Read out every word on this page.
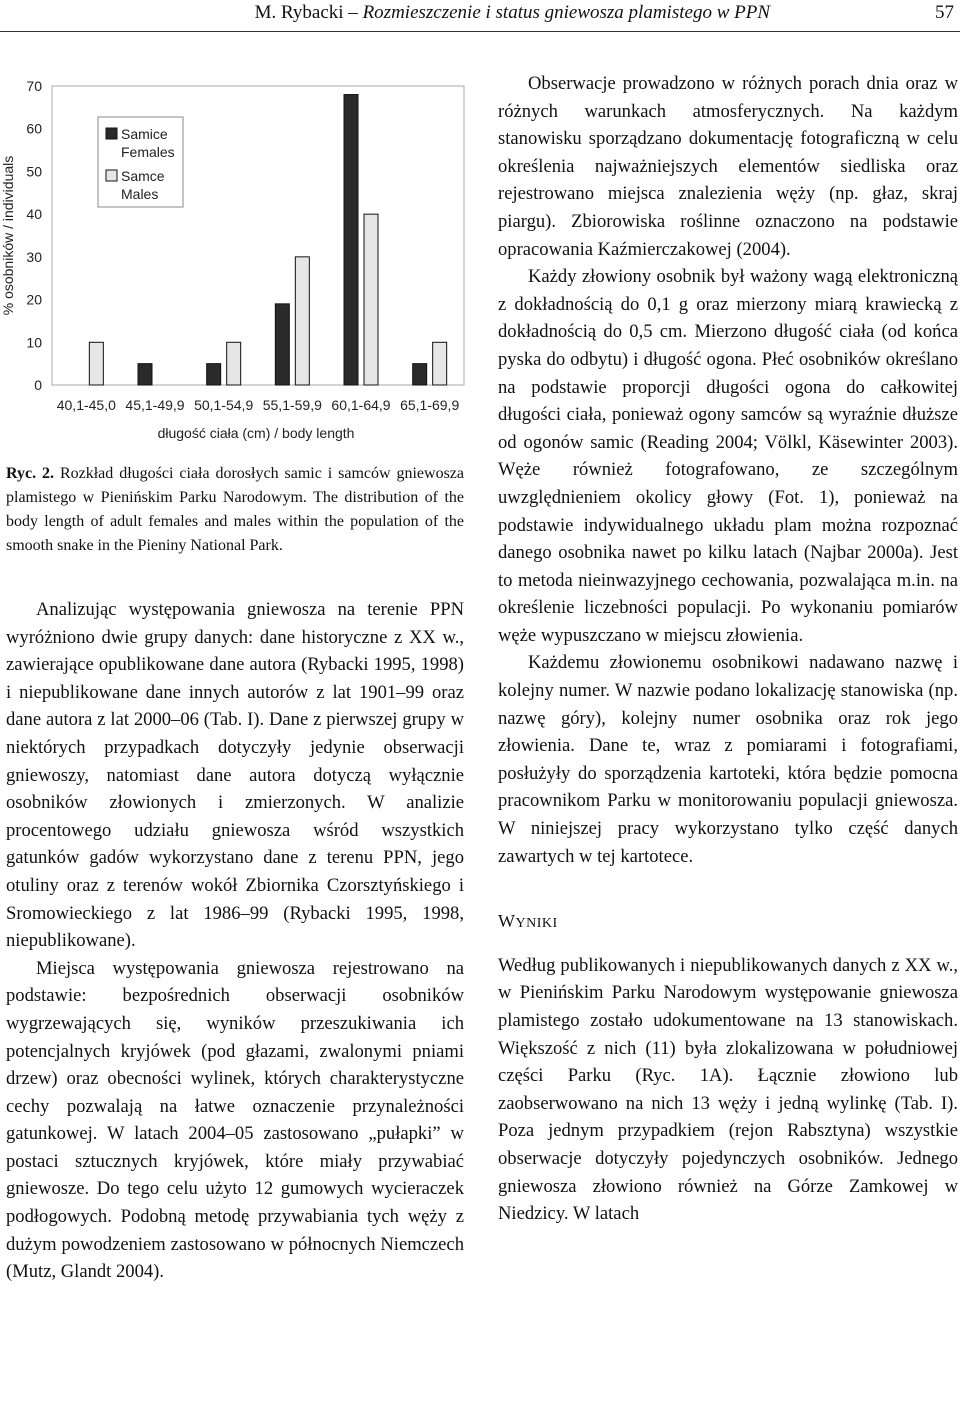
M. Rybacki – Rozmieszczenie i status gniewosza plamistego w PPN	57
0
10
20
30
40
50
60
70
40,1-45,0 45,1-49,9 50,1-54,9 55,1-59,9 60,1-64,9 65,1-69,9
Samice
Females
Samce
Males
% osobników / individuals
długość ciała (cm) / body length
Ryc. 2. Rozkład długości ciała dorosłych samic i samców gniewosza plamistego w Pienińskim Parku Narodowym. The distribution of the body length of adult females and males within the population of the smooth snake in the Pieniny National Park.

Analizując występowania gniewosza na terenie PPN wyróżniono dwie grupy danych: dane historyczne z XX w., zawierające opublikowane dane autora (Rybacki 1995, 1998) i niepublikowane dane innych autorów z lat 1901–99 oraz dane autora z lat 2000–06 (Tab. I). Dane z pierwszej grupy w niektórych przypadkach dotyczyły jedynie obserwacji gniewoszy, natomiast dane autora dotyczą wyłącznie osobników złowionych i zmierzonych. W analizie procentowego udziału gniewosza wśród wszystkich gatunków gadów wykorzystano dane z terenu PPN, jego otuliny oraz z terenów wokół Zbiornika Czorsztyńskiego i Sromowieckiego z lat 1986–99 (Rybacki 1995, 1998, niepublikowane).

Miejsca występowania gniewosza rejestrowano na podstawie: bezpośrednich obserwacji osobników wygrzewających się, wyników przeszukiwania ich potencjalnych kryjówek (pod głazami, zwalonymi pniami drzew) oraz obecności wylinek, których charakterystyczne cechy pozwalają na łatwe oznaczenie przynależności gatunkowej. W latach 2004–05 zastosowano „pułapki” w postaci sztucznych kryjówek, które miały przywabiać gniewosze. Do tego celu użyto 12 gumowych wycieraczek podłogowych. Podobną metodę przywabiania tych węży z dużym powodzeniem zastosowano w północnych Niemczech (Mutz, Glandt 2004).

Obserwacje prowadzono w różnych porach dnia oraz w różnych warunkach atmosferycznych. Na każdym stanowisku sporządzano dokumentację fotograficzną w celu określenia najważniejszych elementów siedliska oraz rejestrowano miejsca znalezienia węży (np. głaz, skraj piargu). Zbiorowiska roślinne oznaczono na podstawie opracowania Kaźmierczakowej (2004).

Każdy złowiony osobnik był ważony wagą elektroniczną z dokładnością do 0,1 g oraz mierzony miarą krawiecką z dokładnością do 0,5 cm. Mierzono długość ciała (od końca pyska do odbytu) i długość ogona. Płeć osobników określano na podstawie proporcji długości ogona do całkowitej długości ciała, ponieważ ogony samców są wyraźnie dłuższe od ogonów samic (Reading 2004; Völkl, Käsewinter 2003). Węże również fotografowano, ze szczególnym uwzględnieniem okolicy głowy (Fot. 1), ponieważ na podstawie indywidualnego układu plam można rozpoznać danego osobnika nawet po kilku latach (Najbar 2000a). Jest to metoda nieinwazyjnego cechowania, pozwalająca m.in. na określenie liczebności populacji. Po wykonaniu pomiarów węże wypuszczano w miejscu złowienia.

Każdemu złowionemu osobnikowi nadawano nazwę i kolejny numer. W nazwie podano lokalizację stanowiska (np. nazwę góry), kolejny numer osobnika oraz rok jego złowienia. Dane te, wraz z pomiarami i fotografiami, posłużyły do sporządzenia kartoteki, która będzie pomocna pracownikom Parku w monitorowaniu populacji gniewosza. W niniejszej pracy wykorzystano tylko część danych zawartych w tej kartotece.

WYNIKI

Według publikowanych i niepublikowanych danych z XX w., w Pienińskim Parku Narodowym występowanie gniewosza plamistego zostało udokumentowane na 13 stanowiskach. Większość z nich (11) była zlokalizowana w południowej części Parku (Ryc. 1A). Łącznie złowiono lub zaobserwowano na nich 13 węży i jedną wylinkę (Tab. I). Poza jednym przypadkiem (rejon Rabsztyna) wszystkie obserwacje dotyczyły pojedynczych osobników. Jednego gniewosza złowiono również na Górze Zamkowej w Niedzicy. W latach
